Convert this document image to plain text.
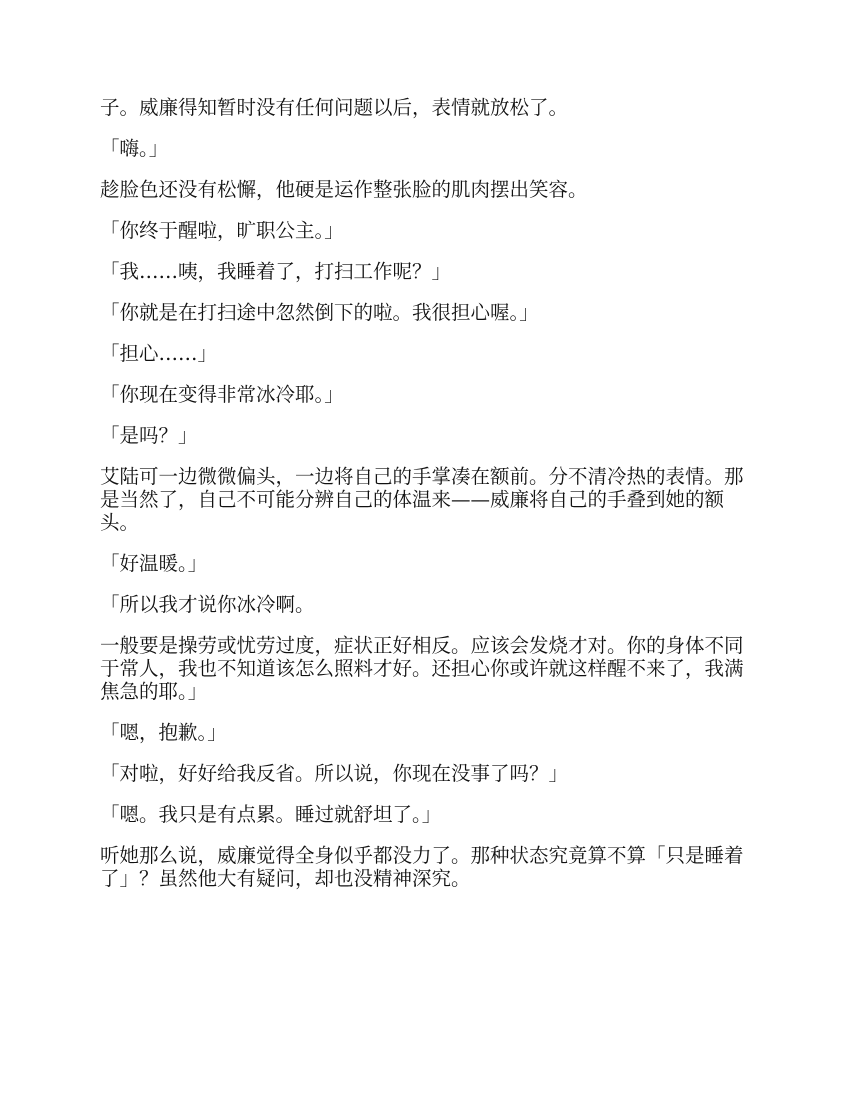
子。威廉得知暂时没有任何问题以后，表情就放松了。

「嗨。」

趁脸色还没有松懈，他硬是运作整张脸的肌肉摆出笑容。

「你终于醒啦，旷职公主。」

「我……咦，我睡着了，打扫工作呢？」

「你就是在打扫途中忽然倒下的啦。我很担心喔。」

「担心……」

「你现在变得非常冰冷耶。」

「是吗？」

艾陆可一边微微偏头，一边将自己的手掌凑在额前。分不清冷热的表情。那是当然了，自己不可能分辨自己的体温来——威廉将自己的手叠到她的额头。

「好温暖。」

「所以我才说你冰冷啊。

一般要是操劳或忧劳过度，症状正好相反。应该会发烧才对。你的身体不同于常人，我也不知道该怎么照料才好。还担心你或许就这样醒不来了，我满焦急的耶。」

「嗯，抱歉。」

「对啦，好好给我反省。所以说，你现在没事了吗？」

「嗯。我只是有点累。睡过就舒坦了。」

听她那么说，威廉觉得全身似乎都没力了。那种状态究竟算不算「只是睡着了」？虽然他大有疑问，却也没精神深究。
